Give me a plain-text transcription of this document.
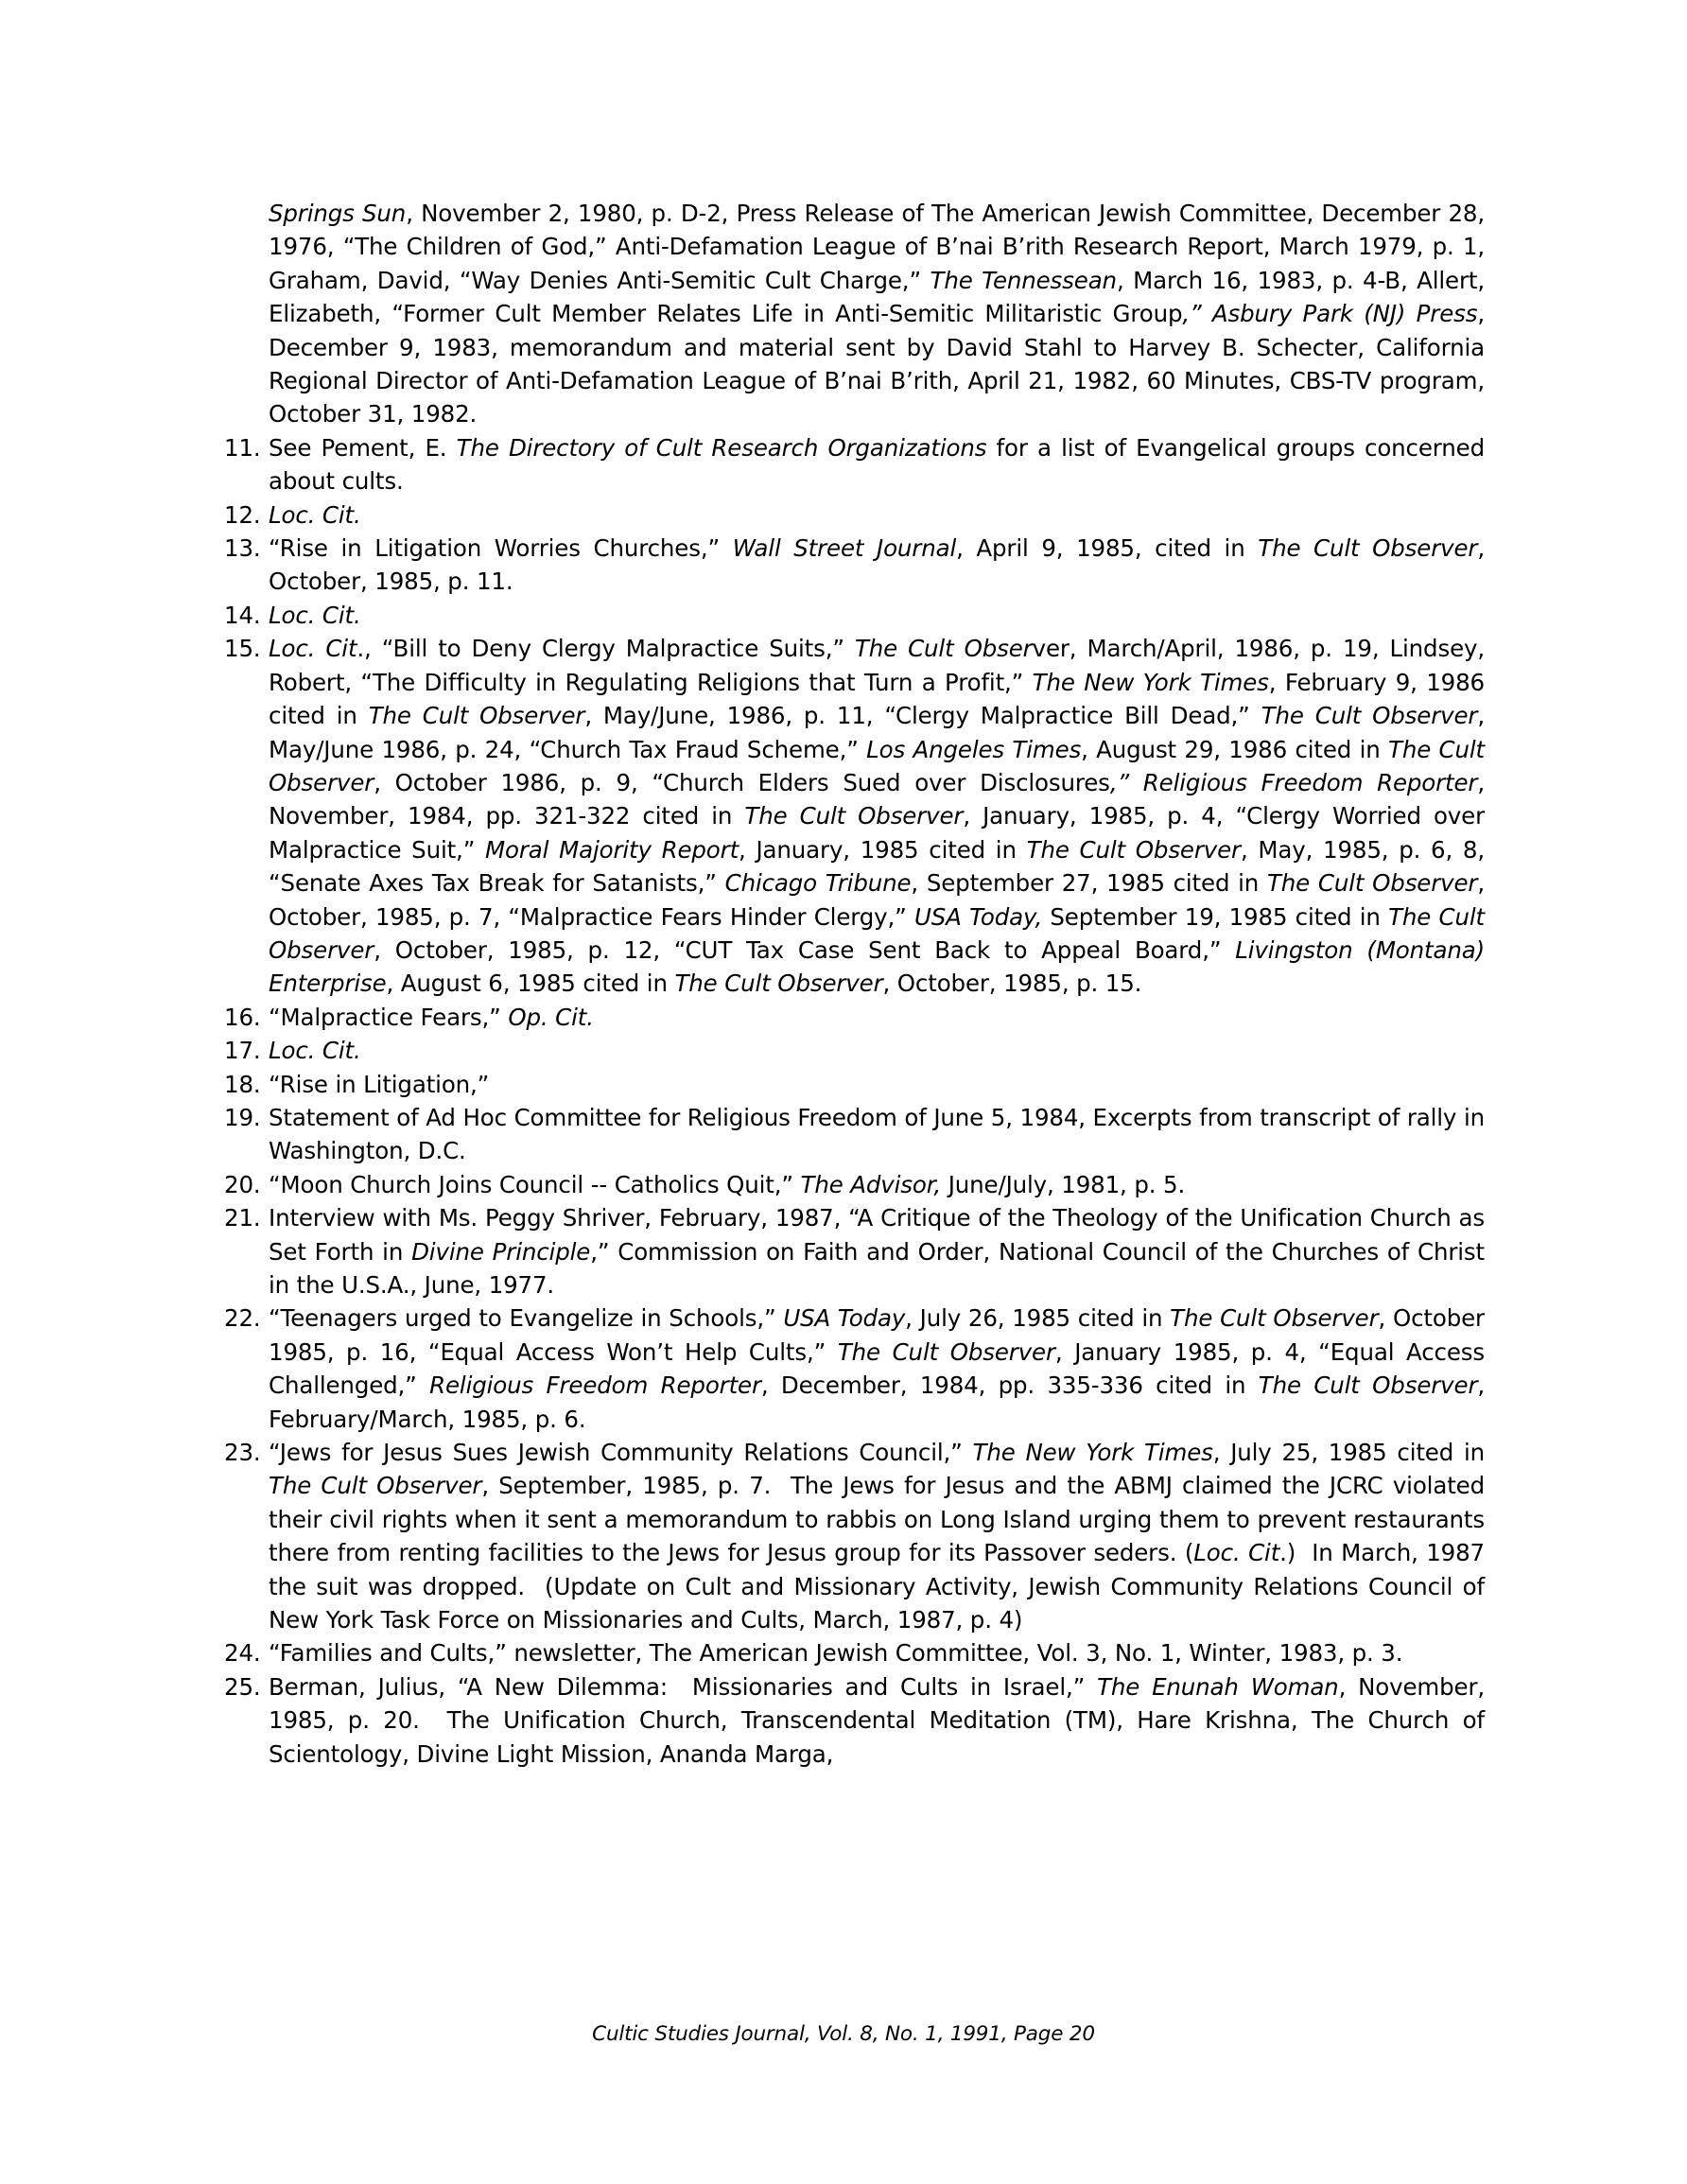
Springs Sun, November 2, 1980, p. D-2, Press Release of The American Jewish Committee, December 28, 1976, “The Children of God,” Anti-Defamation League of B’nai B’rith Research Report, March 1979, p. 1, Graham, David, “Way Denies Anti-Semitic Cult Charge,” The Tennessean, March 16, 1983, p. 4-B, Allert, Elizabeth, “Former Cult Member Relates Life in Anti-Semitic Militaristic Group,” Asbury Park (NJ) Press, December 9, 1983, memorandum and material sent by David Stahl to Harvey B. Schecter, California Regional Director of Anti-Defamation League of B’nai B’rith, April 21, 1982, 60 Minutes, CBS-TV program, October 31, 1982.
11. See Pement, E. The Directory of Cult Research Organizations for a list of Evangelical groups concerned about cults.
12. Loc. Cit.
13. “Rise in Litigation Worries Churches,” Wall Street Journal, April 9, 1985, cited in The Cult Observer, October, 1985, p. 11.
14. Loc. Cit.
15. Loc. Cit., “Bill to Deny Clergy Malpractice Suits,” The Cult Observer, March/April, 1986, p. 19, Lindsey, Robert, “The Difficulty in Regulating Religions that Turn a Profit,” The New York Times, February 9, 1986 cited in The Cult Observer, May/June, 1986, p. 11, “Clergy Malpractice Bill Dead,” The Cult Observer, May/June 1986, p. 24, “Church Tax Fraud Scheme,” Los Angeles Times, August 29, 1986 cited in The Cult Observer, October 1986, p. 9, “Church Elders Sued over Disclosures,” Religious Freedom Reporter, November, 1984, pp. 321-322 cited in The Cult Observer, January, 1985, p. 4, “Clergy Worried over Malpractice Suit,” Moral Majority Report, January, 1985 cited in The Cult Observer, May, 1985, p. 6, 8, “Senate Axes Tax Break for Satanists,” Chicago Tribune, September 27, 1985 cited in The Cult Observer, October, 1985, p. 7, “Malpractice Fears Hinder Clergy,” USA Today, September 19, 1985 cited in The Cult Observer, October, 1985, p. 12, “CUT Tax Case Sent Back to Appeal Board,” Livingston (Montana) Enterprise, August 6, 1985 cited in The Cult Observer, October, 1985, p. 15.
16. “Malpractice Fears,” Op. Cit.
17. Loc. Cit.
18. “Rise in Litigation,”
19. Statement of Ad Hoc Committee for Religious Freedom of June 5, 1984, Excerpts from transcript of rally in Washington, D.C.
20. “Moon Church Joins Council -- Catholics Quit,” The Advisor, June/July, 1981, p. 5.
21. Interview with Ms. Peggy Shriver, February, 1987, “A Critique of the Theology of the Unification Church as Set Forth in Divine Principle,” Commission on Faith and Order, National Council of the Churches of Christ in the U.S.A., June, 1977.
22. “Teenagers urged to Evangelize in Schools,” USA Today, July 26, 1985 cited in The Cult Observer, October 1985, p. 16, “Equal Access Won’t Help Cults,” The Cult Observer, January 1985, p. 4, “Equal Access Challenged,” Religious Freedom Reporter, December, 1984, pp. 335-336 cited in The Cult Observer, February/March, 1985, p. 6.
23. “Jews for Jesus Sues Jewish Community Relations Council,” The New York Times, July 25, 1985 cited in The Cult Observer, September, 1985, p. 7.  The Jews for Jesus and the ABMJ claimed the JCRC violated their civil rights when it sent a memorandum to rabbis on Long Island urging them to prevent restaurants there from renting facilities to the Jews for Jesus group for its Passover seders. (Loc. Cit.)  In March, 1987 the suit was dropped.  (Update on Cult and Missionary Activity, Jewish Community Relations Council of New York Task Force on Missionaries and Cults, March, 1987, p. 4)
24. “Families and Cults,” newsletter, The American Jewish Committee, Vol. 3, No. 1, Winter, 1983, p. 3.
25. Berman, Julius, “A New Dilemma:  Missionaries and Cults in Israel,” The Enunah Woman, November, 1985, p. 20.  The Unification Church, Transcendental Meditation (TM), Hare Krishna, The Church of Scientology, Divine Light Mission, Ananda Marga,
Cultic Studies Journal, Vol. 8, No. 1, 1991, Page 20
